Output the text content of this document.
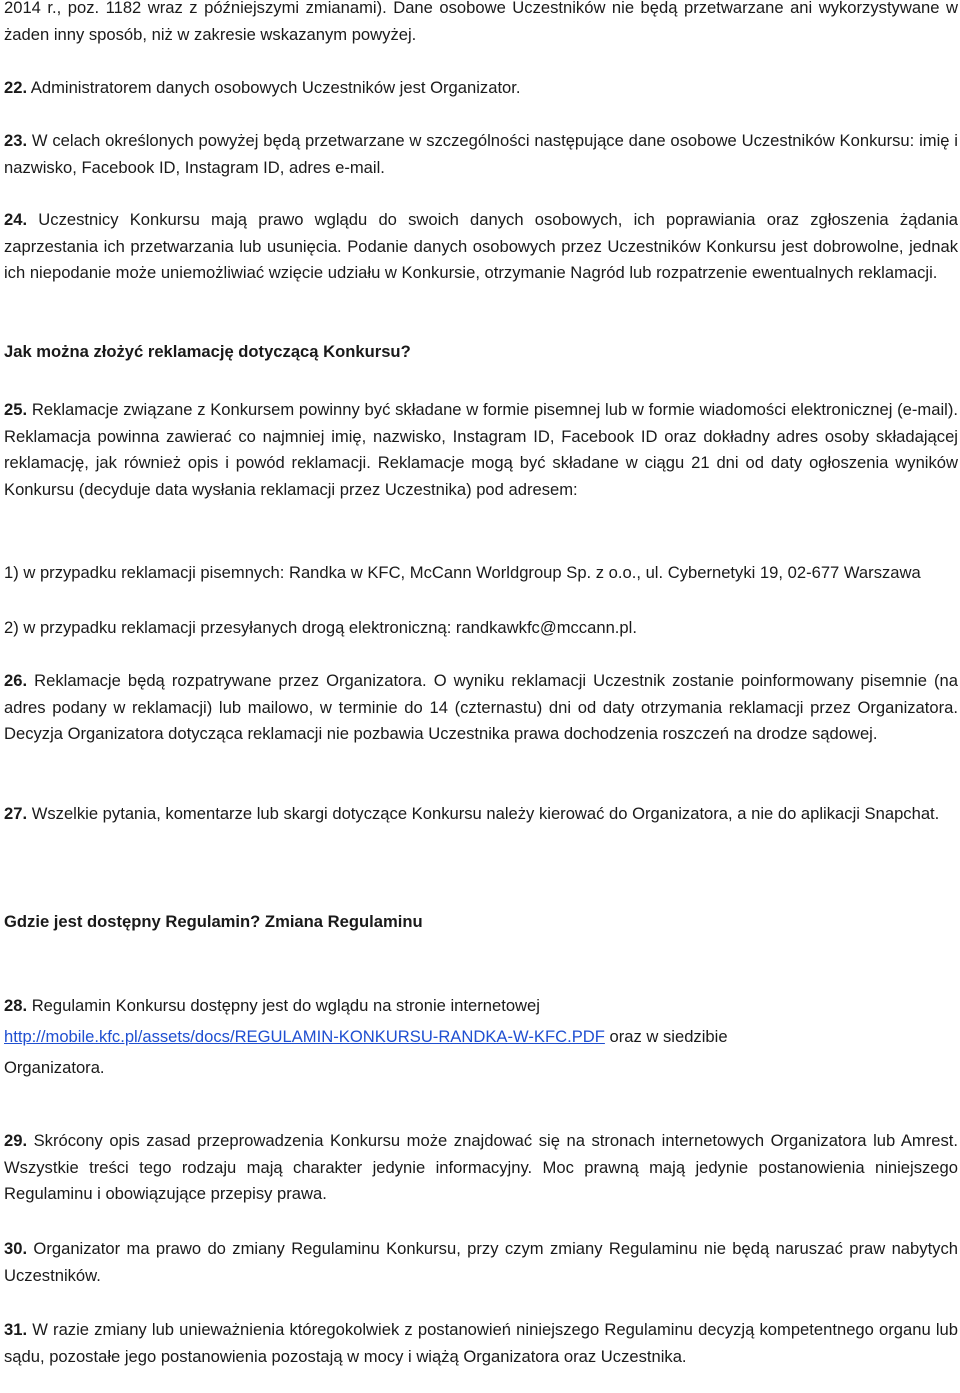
2014 r., poz. 1182 wraz z późniejszymi zmianami). Dane osobowe Uczestników nie będą przetwarzane ani wykorzystywane w żaden inny sposób, niż w zakresie wskazanym powyżej.

22. Administratorem danych osobowych Uczestników jest Organizator.

23. W celach określonych powyżej będą przetwarzane w szczególności następujące dane osobowe Uczestników Konkursu: imię i nazwisko, Facebook ID, Instagram ID, adres e-mail.

24. Uczestnicy Konkursu mają prawo wglądu do swoich danych osobowych, ich poprawiania oraz zgłoszenia żądania zaprzestania ich przetwarzania lub usunięcia. Podanie danych osobowych przez Uczestników Konkursu jest dobrowolne, jednak ich niepodanie może uniemożliwiać wzięcie udziału w Konkursie, otrzymanie Nagród lub rozpatrzenie ewentualnych reklamacji.

Jak można złożyć reklamację dotyczącą Konkursu?

25. Reklamacje związane z Konkursem powinny być składane w formie pisemnej lub w formie wiadomości elektronicznej (e-mail). Reklamacja powinna zawierać co najmniej imię, nazwisko, Instagram ID, Facebook ID oraz dokładny adres osoby składającej reklamację, jak również opis i powód reklamacji. Reklamacje mogą być składane w ciągu 21 dni od daty ogłoszenia wyników Konkursu (decyduje data wysłania reklamacji przez Uczestnika) pod adresem:

1) w przypadku reklamacji pisemnych: Randka w KFC, McCann Worldgroup Sp. z o.o., ul. Cybernetyki 19, 02-677 Warszawa

2) w przypadku reklamacji przesyłanych drogą elektroniczną: randkawkfc@mccann.pl.

26. Reklamacje będą rozpatrywane przez Organizatora. O wyniku reklamacji Uczestnik zostanie poinformowany pisemnie (na adres podany w reklamacji) lub mailowo, w terminie do 14 (czternastu) dni od daty otrzymania reklamacji przez Organizatora. Decyzja Organizatora dotycząca reklamacji nie pozbawia Uczestnika prawa dochodzenia roszczeń na drodze sądowej.

27. Wszelkie pytania, komentarze lub skargi dotyczące Konkursu należy kierować do Organizatora, a nie do aplikacji Snapchat.

Gdzie jest dostępny Regulamin? Zmiana Regulaminu
28. Regulamin Konkursu dostępny jest do wglądu na stronie internetowej
http://mobile.kfc.pl/assets/docs/REGULAMIN-KONKURSU-RANDKA-W-KFC.PDF oraz w siedzibie
Organizatora.

29. Skrócony opis zasad przeprowadzenia Konkursu może znajdować się na stronach internetowych Organizatora lub Amrest. Wszystkie treści tego rodzaju mają charakter jedynie informacyjny. Moc prawną mają jedynie postanowienia niniejszego Regulaminu i obowiązujące przepisy prawa.

30. Organizator ma prawo do zmiany Regulaminu Konkursu, przy czym zmiany Regulaminu nie będą naruszać praw nabytych Uczestników.

31. W razie zmiany lub unieważnienia któregokolwiek z postanowień niniejszego Regulaminu decyzją kompetentnego organu lub sądu, pozostałe jego postanowienia pozostają w mocy i wiążą Organizatora oraz Uczestnika.
